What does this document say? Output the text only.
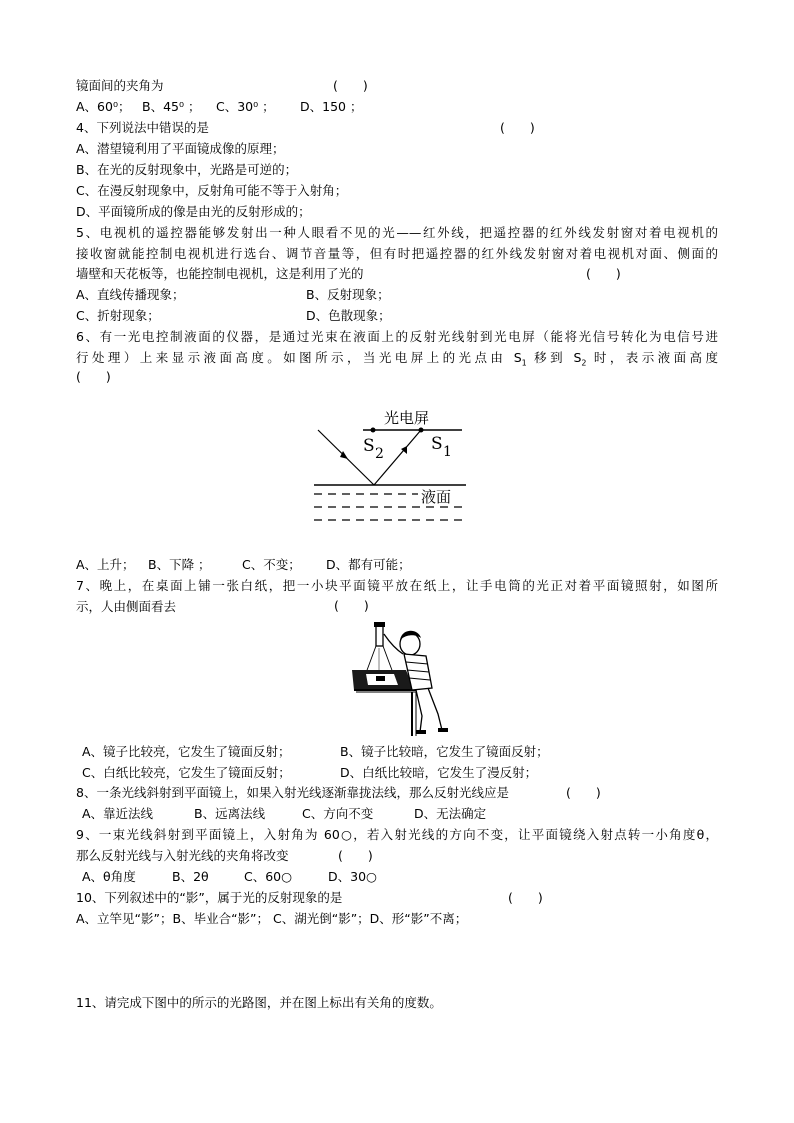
镜面间的夹角为	(　　)
A、60⁰； B、45⁰ ； C、30⁰ ； D、150 ；
4、下列说法中错误的是	(　　)
A、潜望镜利用了平面镜成像的原理；
B、在光的反射现象中，光路是可逆的；
C、在漫反射现象中，反射角可能不等于入射角；
D、平面镜所成的像是由光的反射形成的；
5、电视机的遥控器能够发射出一种人眼看不见的光——红外线，把遥控器的红外线发射窗对着电视机的
接收窗就能控制电视机进行选台、调节音量等，但有时把遥控器的红外线发射窗对着电视机对面、侧面的
墙壁和天花板等，也能控制电视机，这是利用了光的	(　　)
A、直线传播现象；	B、反射现象；
C、折射现象；	D、色散现象；
6、有一光电控制液面的仪器，是通过光束在液面上的反射光线射到光电屏（能将光信号转化为电信号进
行处理）上来显示液面高度。如图所示，当光电屏上的光点由 $S_1$ 移到 $S_2$ 时，表示液面高度
(　　)
光电屏
S 2	S 1
液面
A、上升； B、下降 ；	C、不变； D、都有可能；
7、晚上，在桌面上铺一张白纸，把一小块平面镜平放在纸上，让手电筒的光正对着平面镜照射，如图所
示，人由侧面看去	(　　)
A、镜子比较亮，它发生了镜面反射；	B、镜子比较暗，它发生了镜面反射；
C、白纸比较亮，它发生了镜面反射；	D、白纸比较暗，它发生了漫反射；
8、一条光线斜射到平面镜上，如果入射光线逐渐靠拢法线，那么反射光线应是	(　　)
A、靠近法线	B、远离法线	C、方向不变	D、无法确定
9、一束光线斜射到平面镜上，入射角为 60○，若入射光线的方向不变，让平面镜绕入射点转一小角度θ，
那么反射光线与入射光线的夹角将改变	(　　)
A、θ角度	B、2θ	C、60○	D、30○
10、下列叙述中的“影”，属于光的反射现象的是	(　　)
A、立竿见“影”；B、毕业合“影”； C、湖光倒“影”；D、形“影”不离；
11、请完成下图中的所示的光路图，并在图上标出有关角的度数。
